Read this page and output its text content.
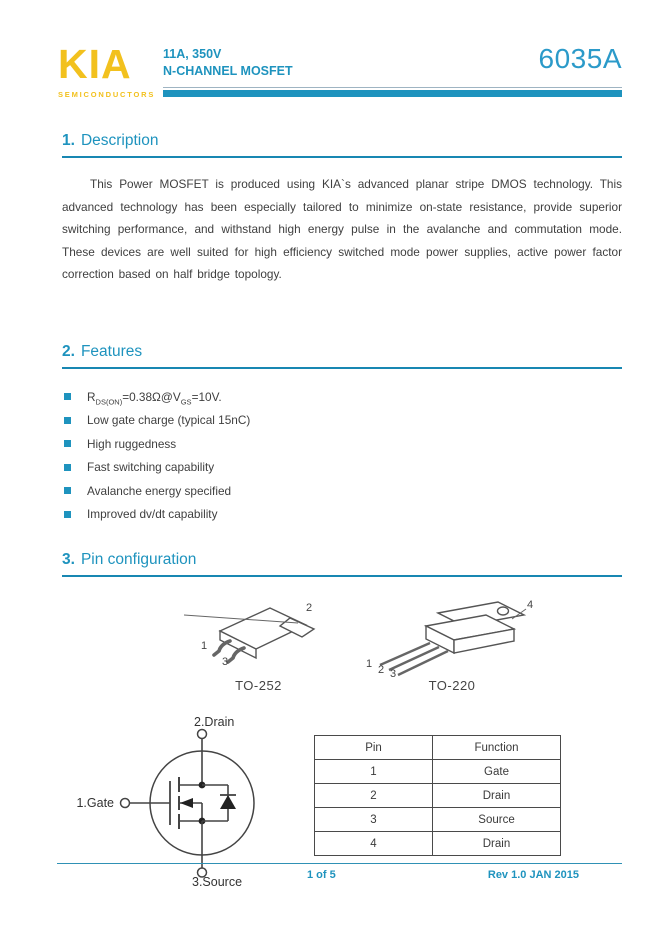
KIA
SEMICONDUCTORS
11A, 350V
N-CHANNEL MOSFET	6035A
1. Description

This Power MOSFET is produced using KIA`s advanced planar stripe DMOS technology. This advanced technology has been especially tailored to minimize on-state resistance, provide superior switching performance, and withstand high energy pulse in the avalanche and commutation mode. These devices are well suited for high efficiency switched mode power supplies, active power factor correction based on half bridge topology.

2. Features
$R_{DS(ON)}=0.38\Omega@V_{GS}=10V$.
Low gate charge (typical 15nC)
High ruggedness
Fast switching capability
Avalanche energy specified
Improved dv/dt capability
3. Pin configuration
1
2
3
TO-252
1 2 3
4
TO-220
2.Drain
1.Gate
3.Source
Pin	Function
1	Gate
2	Drain
3	Source
4	Drain
1 of 5	Rev 1.0 JAN 2015
